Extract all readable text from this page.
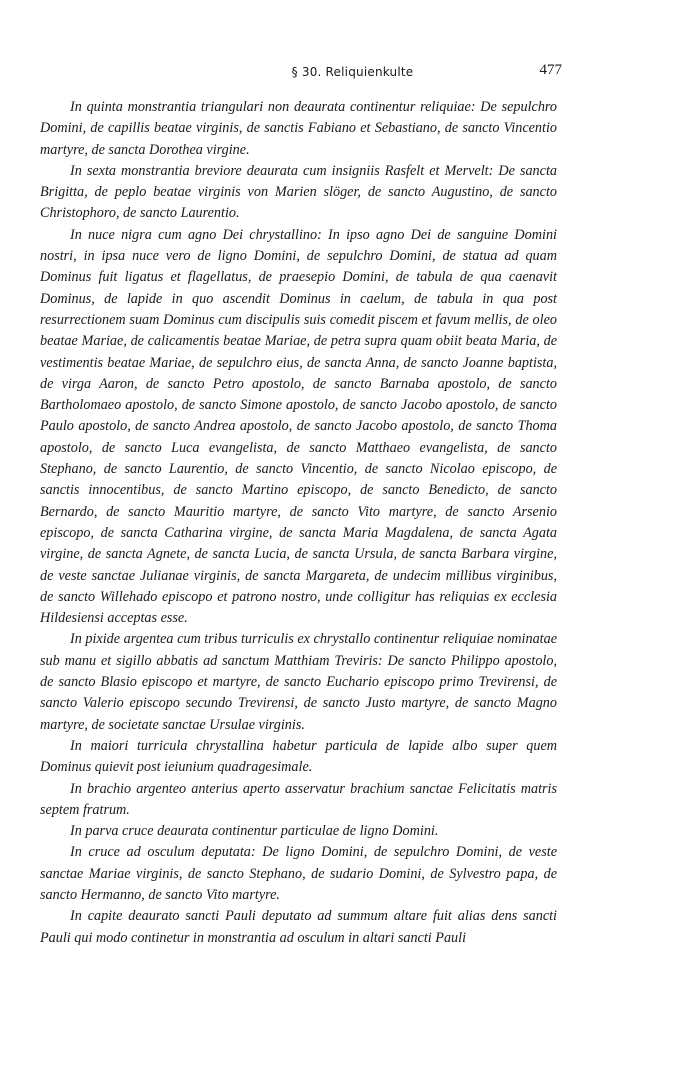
§ 30. Reliquienkulte	477

In quinta monstrantia triangulari non deaurata continentur reliquiae: De sepulchro Domini, de capillis beatae virginis, de sanctis Fabiano et Sebastiano, de sancto Vincentio martyre, de sancta Dorothea virgine.

In sexta monstrantia breviore deaurata cum insigniis Rasfelt et Mervelt: De sancta Brigitta, de peplo beatae virginis von Marien slöger, de sancto Augustino, de sancto Christophoro, de sancto Laurentio.

In nuce nigra cum agno Dei chrystallino: In ipso agno Dei de sanguine Domini nostri, in ipsa nuce vero de ligno Domini, de sepulchro Domini, de statua ad quam Dominus fuit ligatus et flagellatus, de praesepio Domini, de tabula de qua caenavit Dominus, de lapide in quo ascendit Dominus in caelum, de tabula in qua post resurrectionem suam Dominus cum discipulis suis comedit piscem et favum mellis, de oleo beatae Mariae, de calicamentis beatae Mariae, de petra supra quam obiit beata Maria, de vestimentis beatae Mariae, de sepulchro eius, de sancta Anna, de sancto Joanne baptista, de virga Aaron, de sancto Petro apostolo, de sancto Barnaba apostolo, de sancto Bartholomaeo apostolo, de sancto Simone apostolo, de sancto Jacobo apostolo, de sancto Paulo apostolo, de sancto Andrea apostolo, de sancto Jacobo apostolo, de sancto Thoma apostolo, de sancto Luca evangelista, de sancto Matthaeo evangelista, de sancto Stephano, de sancto Laurentio, de sancto Vincentio, de sancto Nicolao episcopo, de sanctis innocentibus, de sancto Martino episcopo, de sancto Benedicto, de sancto Bernardo, de sancto Mauritio martyre, de sancto Vito martyre, de sancto Arsenio episcopo, de sancta Catharina virgine, de sancta Maria Magdalena, de sancta Agata virgine, de sancta Agnete, de sancta Lucia, de sancta Ursula, de sancta Barbara virgine, de veste sanctae Julianae virginis, de sancta Margareta, de undecim millibus virginibus, de sancto Willehado episcopo et patrono nostro, unde colligitur has reliquias ex ecclesia Hildesiensi acceptas esse.

In pixide argentea cum tribus turriculis ex chrystallo continentur reliquiae nominatae sub manu et sigillo abbatis ad sanctum Matthiam Treviris: De sancto Philippo apostolo, de sancto Blasio episcopo et martyre, de sancto Euchario episcopo primo Trevirensi, de sancto Valerio episcopo secundo Trevirensi, de sancto Justo martyre, de sancto Magno martyre, de societate sanctae Ursulae virginis.

In maiori turricula chrystallina habetur particula de lapide albo super quem Dominus quievit post ieiunium quadragesimale.

In brachio argenteo anterius aperto asservatur brachium sanctae Felicitatis matris septem fratrum.

In parva cruce deaurata continentur particulae de ligno Domini.

In cruce ad osculum deputata: De ligno Domini, de sepulchro Domini, de veste sanctae Mariae virginis, de sancto Stephano, de sudario Domini, de Sylvestro papa, de sancto Hermanno, de sancto Vito martyre.

In capite deaurato sancti Pauli deputato ad summum altare fuit alias dens sancti Pauli qui modo continetur in monstrantia ad osculum in altari sancti Pauli
